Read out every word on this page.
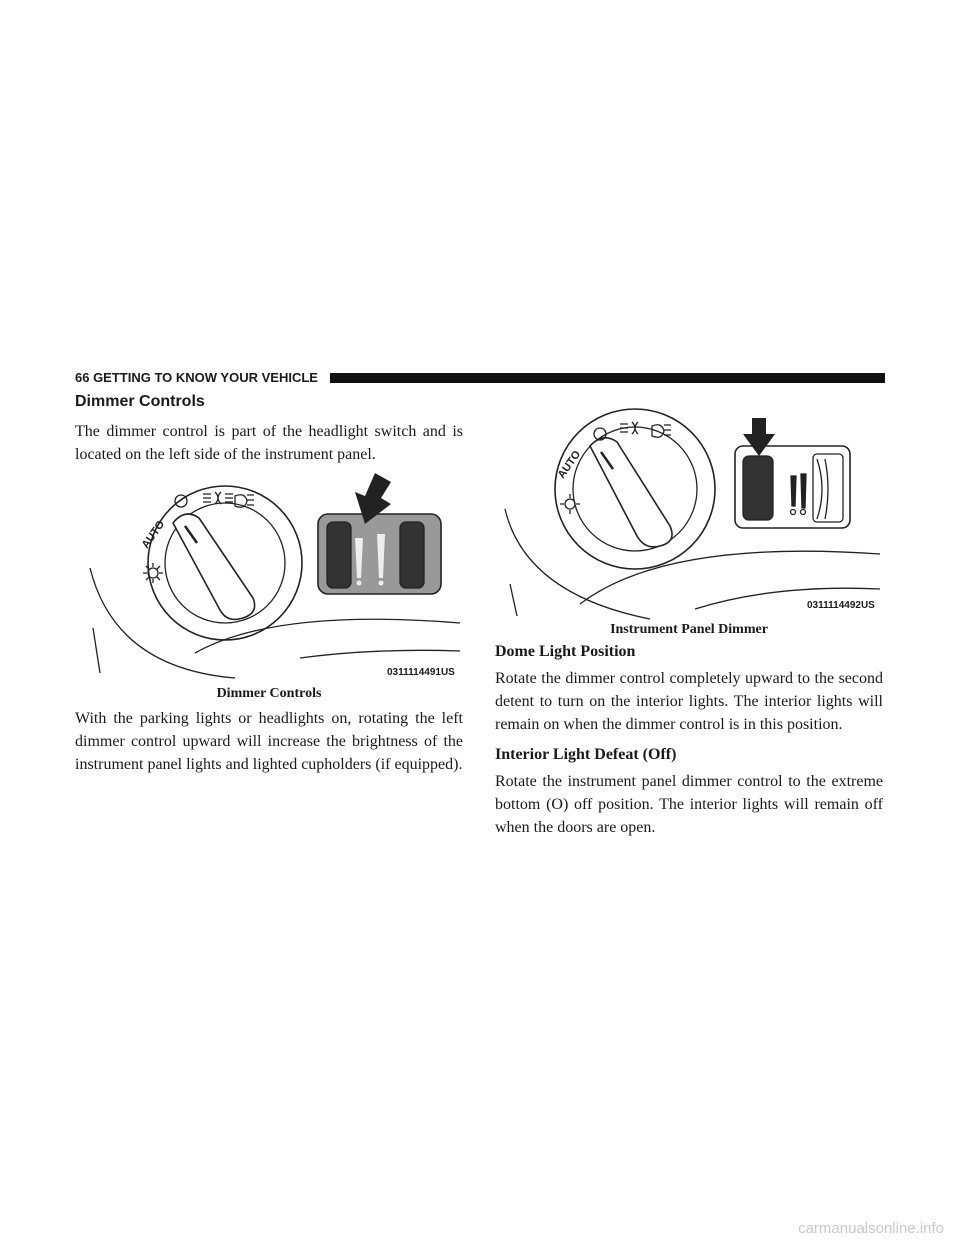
66 GETTING TO KNOW YOUR VEHICLE
Dimmer Controls
The dimmer control is part of the headlight switch and is located on the left side of the instrument panel.
AUTO
0311114491US
Dimmer Controls
With the parking lights or headlights on, rotating the left dimmer control upward will increase the brightness of the instrument panel lights and lighted cupholders (if equipped).
AUTO
0311114492US
Instrument Panel Dimmer
Dome Light Position
Rotate the dimmer control completely upward to the second detent to turn on the interior lights. The interior lights will remain on when the dimmer control is in this position.
Interior Light Defeat (Off)
Rotate the instrument panel dimmer control to the extreme bottom (O) off position. The interior lights will remain off when the doors are open.
carmanualsonline.info
